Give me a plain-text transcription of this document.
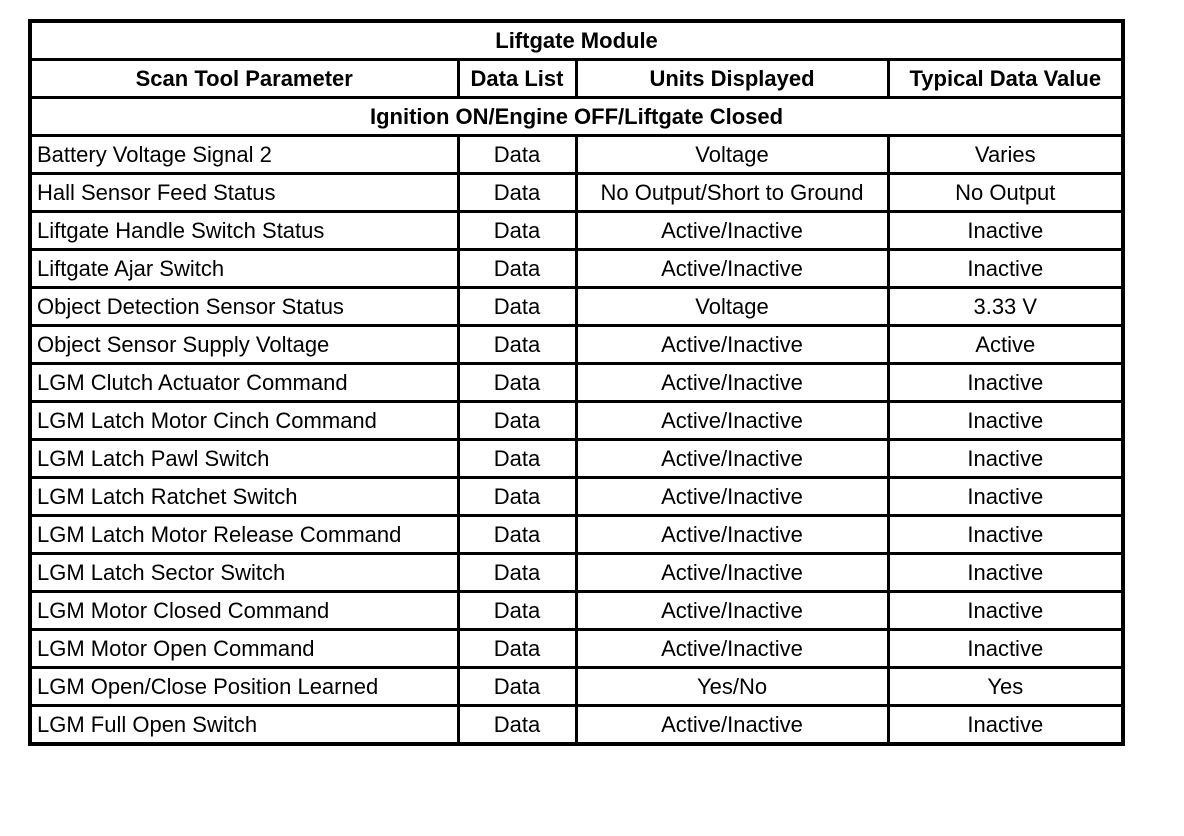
Liftgate Module			
Scan Tool Parameter	Data List	Units Displayed	Typical Data Value
Ignition ON/Engine OFF/Liftgate Closed			
Battery Voltage Signal 2	Data	Voltage	Varies
Hall Sensor Feed Status	Data	No Output/Short to Ground	No Output
Liftgate Handle Switch Status	Data	Active/Inactive	Inactive
Liftgate Ajar Switch	Data	Active/Inactive	Inactive
Object Detection Sensor Status	Data	Voltage	3.33 V
Object Sensor Supply Voltage	Data	Active/Inactive	Active
LGM Clutch Actuator Command	Data	Active/Inactive	Inactive
LGM Latch Motor Cinch Command	Data	Active/Inactive	Inactive
LGM Latch Pawl Switch	Data	Active/Inactive	Inactive
LGM Latch Ratchet Switch	Data	Active/Inactive	Inactive
LGM Latch Motor Release Command	Data	Active/Inactive	Inactive
LGM Latch Sector Switch	Data	Active/Inactive	Inactive
LGM Motor Closed Command	Data	Active/Inactive	Inactive
LGM Motor Open Command	Data	Active/Inactive	Inactive
LGM Open/Close Position Learned	Data	Yes/No	Yes
LGM Full Open Switch	Data	Active/Inactive	Inactive
